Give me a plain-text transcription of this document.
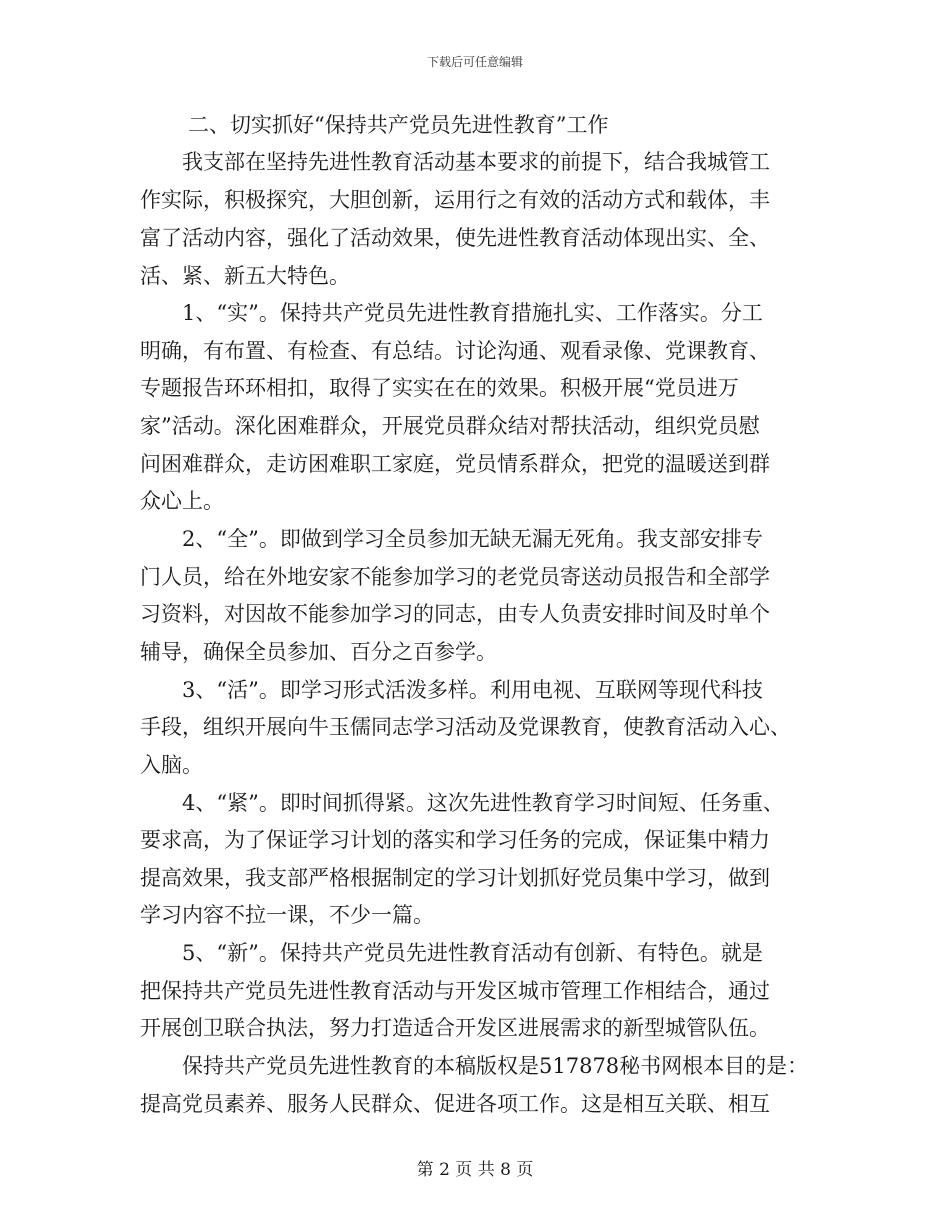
下载后可任意编辑
二、切实抓好“保持共产党员先进性教育”工作
我支部在坚持先进性教育活动基本要求的前提下，结合我城管工
作实际，积极探究，大胆创新，运用行之有效的活动方式和载体，丰
富了活动内容，强化了活动效果，使先进性教育活动体现出实、全、
活、紧、新五大特色。
1、“实”。保持共产党员先进性教育措施扎实、工作落实。分工
明确，有布置、有检查、有总结。讨论沟通、观看录像、党课教育、
专题报告环环相扣，取得了实实在在的效果。积极开展“党员进万
家”活动。深化困难群众，开展党员群众结对帮扶活动，组织党员慰
问困难群众，走访困难职工家庭，党员情系群众，把党的温暖送到群
众心上。
2、“全”。即做到学习全员参加无缺无漏无死角。我支部安排专
门人员，给在外地安家不能参加学习的老党员寄送动员报告和全部学
习资料，对因故不能参加学习的同志，由专人负责安排时间及时单个
辅导，确保全员参加、百分之百参学。
3、“活”。即学习形式活泼多样。利用电视、互联网等现代科技
手段，组织开展向牛玉儒同志学习活动及党课教育，使教育活动入心、
入脑。
4、“紧”。即时间抓得紧。这次先进性教育学习时间短、任务重、
要求高，为了保证学习计划的落实和学习任务的完成，保证集中精力
提高效果，我支部严格根据制定的学习计划抓好党员集中学习，做到
学习内容不拉一课，不少一篇。
5、“新”。保持共产党员先进性教育活动有创新、有特色。就是
把保持共产党员先进性教育活动与开发区城市管理工作相结合，通过
开展创卫联合执法，努力打造适合开发区进展需求的新型城管队伍。
保持共产党员先进性教育的本稿版权是517878秘书网根本目的是：
提高党员素养、服务人民群众、促进各项工作。这是相互关联、相互
第 2 页 共 8 页
